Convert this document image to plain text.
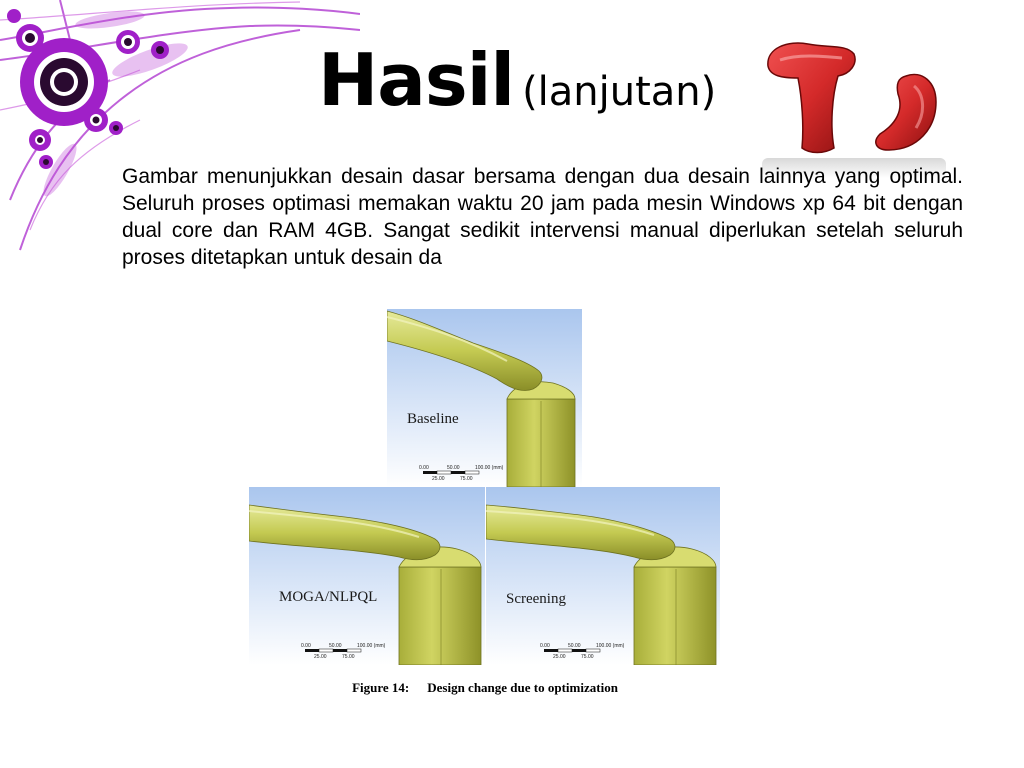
Hasil (lanjutan)

Gambar menunjukkan desain dasar bersama dengan dua desain lainnya yang optimal. Seluruh proses optimasi memakan waktu 20 jam pada mesin Windows xp 64 bit dengan dual core dan RAM 4GB. Sangat sedikit intervensi manual diperlukan setelah seluruh proses ditetapkan untuk desain da

Baseline
0.00	50.00	100.00 (mm)
25.00	75.00
MOGA/NLPQL
0.00	50.00	100.00 (mm)
25.00	75.00
Screening
0.00	50.00	100.00 (mm)
25.00	75.00
Figure 14: Design change due to optimization
